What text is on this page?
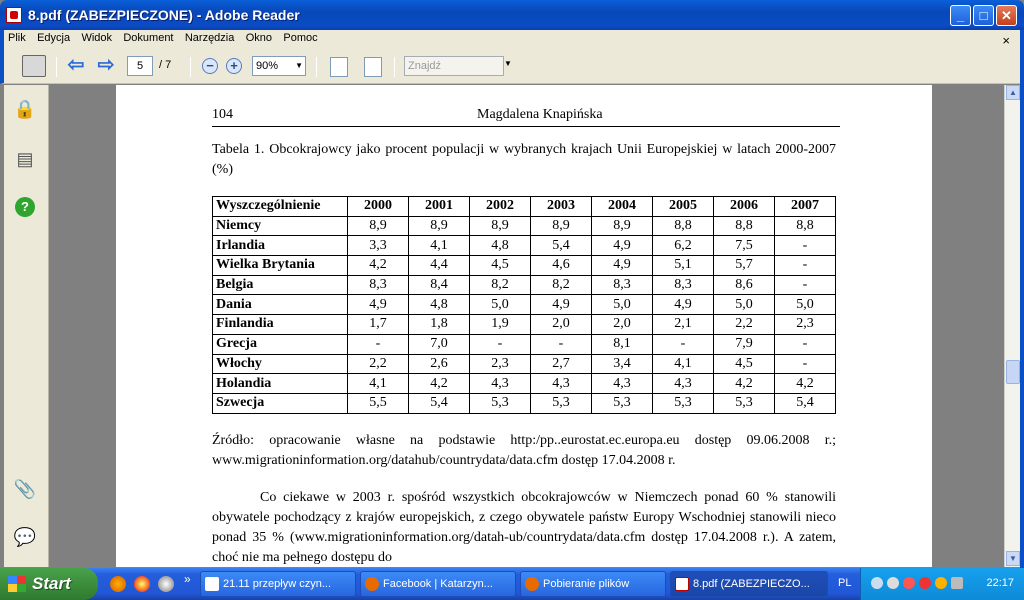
8.pdf (ZABEZPIECZONE) - Adobe Reader	_	□	✕
Plik Edycja Widok Dokument Narzędzia Okno Pomoc	×
⇦ ⇨	5	/ 7	−	+	90% ▼	Znajdź	▼
🔒
▤
?
📎
💬
104	Magdalena Knapińska
Tabela 1. Obcokrajowcy jako procent populacji w wybranych krajach Unii Europejskiej w latach 2000-2007 (%)
Wyszczególnienie	2000	2001	2002	2003	2004	2005	2006	2007
Niemcy	8,9	8,9	8,9	8,9	8,9	8,8	8,8	8,8
Irlandia	3,3	4,1	4,8	5,4	4,9	6,2	7,5	-
Wielka Brytania	4,2	4,4	4,5	4,6	4,9	5,1	5,7	-
Belgia	8,3	8,4	8,2	8,2	8,3	8,3	8,6	-
Dania	4,9	4,8	5,0	4,9	5,0	4,9	5,0	5,0
Finlandia	1,7	1,8	1,9	2,0	2,0	2,1	2,2	2,3
Grecja	-	7,0	-	-	8,1	-	7,9	-
Włochy	2,2	2,6	2,3	2,7	3,4	4,1	4,5	-
Holandia	4,1	4,2	4,3	4,3	4,3	4,3	4,2	4,2
Szwecja	5,5	5,4	5,3	5,3	5,3	5,3	5,3	5,4
Źródło: opracowanie własne na podstawie http:/pp..eurostat.ec.europa.eu dostęp 09.06.2008 r.; www.migrationinformation.org/datahub/countrydata/data.cfm dostęp 17.04.2008 r.
Co ciekawe w 2003 r. spośród wszystkich obcokrajowców w Niemczech ponad 60 % stanowili obywatele pochodzący z krajów europejskich, z czego obywatele państw Europy Wschodniej stanowili nieco ponad 35 % (www.migrationinformation.org/datah-ub/countrydata/data.cfm dostęp 17.04.2008 r.). A zatem, choć nie ma pełnego dostępu do
▲
▼
Start	»	21.11 przepływ czyn...	Facebook | Katarzyn...	Pobieranie plików	8.pdf (ZABEZPIECZO...	PL	22:17
